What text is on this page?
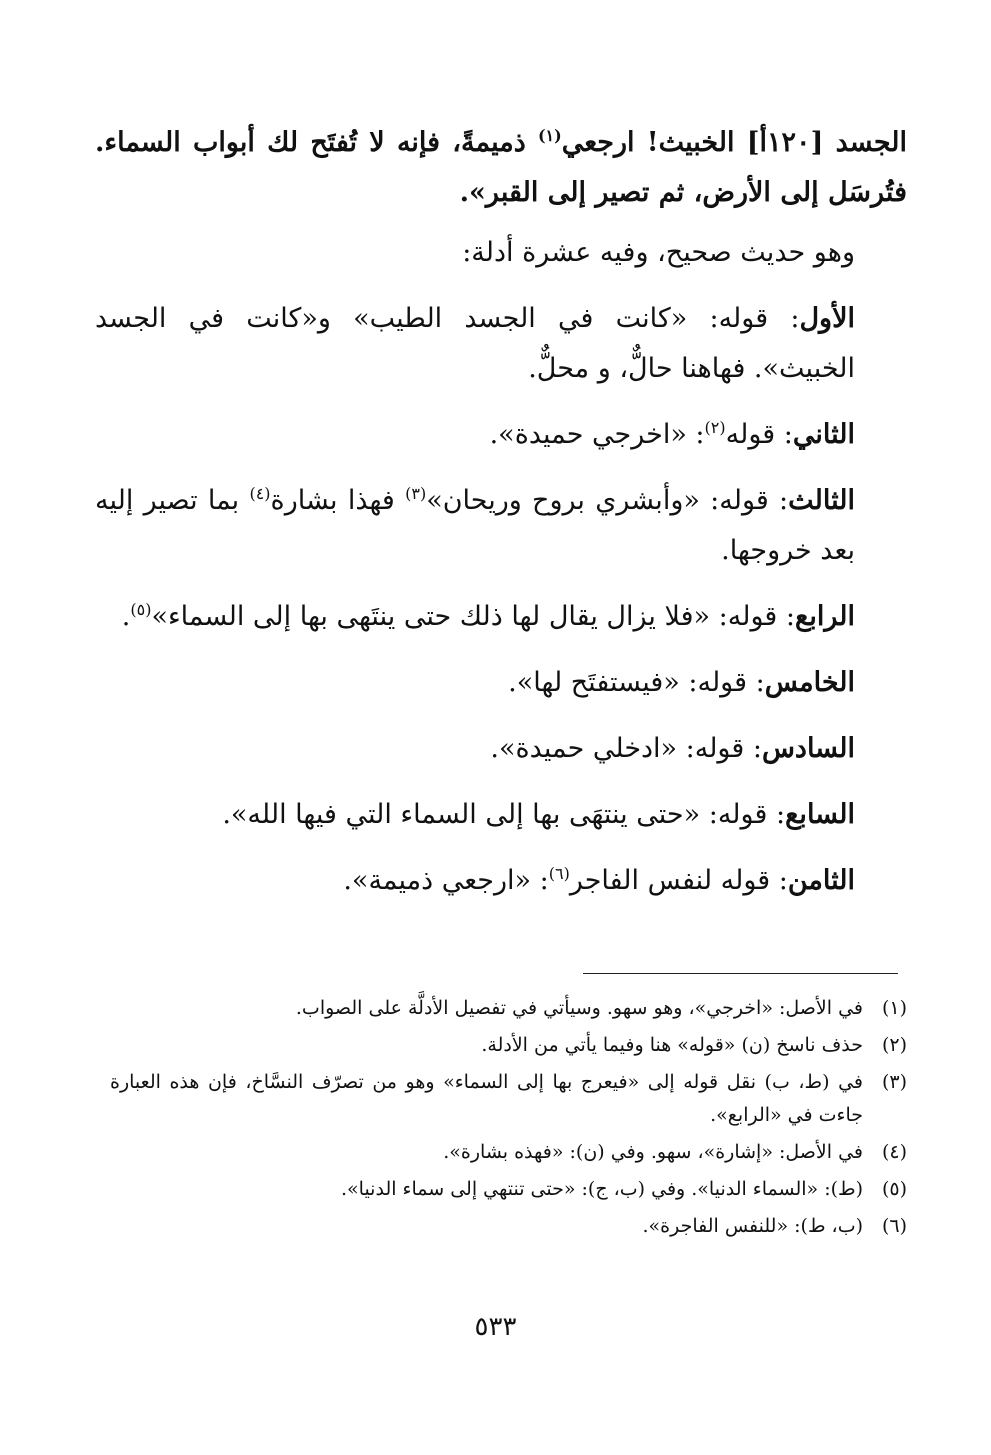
الجسد [١٢٠أ] الخبيث! ارجعي$^{(١)}$ ذميمةً، فإنه لا تُفتَح لك أبواب السماء. فتُرسَل إلى الأرض، ثم تصير إلى القبر».

وهو حديث صحيح، وفيه عشرة أدلة:

الأول: قوله: «كانت في الجسد الطيب» و«كانت في الجسد الخبيث». فهاهنا حالٌّ، و محلٌّ.

الثاني: قوله$^{(٢)}$: «اخرجي حميدة».

الثالث: قوله: «وأبشري بروح وريحان»$^{(٣)}$ فهذا بشارة$^{(٤)}$ بما تصير إليه بعد خروجها.

الرابع: قوله: «فلا يزال يقال لها ذلك حتى ينتَهى بها إلى السماء»$^{(٥)}$.

الخامس: قوله: «فيستفتَح لها».

السادس: قوله: «ادخلي حميدة».

السابع: قوله: «حتى ينتهَى بها إلى السماء التي فيها الله».

الثامن: قوله لنفس الفاجر$^{(٦)}$: «ارجعي ذميمة».

(١)
في الأصل: «اخرجي»، وهو سهو. وسيأتي في تفصيل الأدلَّة على الصواب.
(٢)
حذف ناسخ (ن) «قوله» هنا وفيما يأتي من الأدلة.
(٣)
في (ط، ب) نقل قوله إلى «فيعرج بها إلى السماء» وهو من تصرّف النسَّاخ، فإن هذه العبارة جاءت في «الرابع».
(٤)
في الأصل: «إشارة»، سهو. وفي (ن): «فهذه بشارة».
(٥)
(ط): «السماء الدنيا». وفي (ب، ج): «حتى تنتهي إلى سماء الدنيا».
(٦)
(ب، ط): «للنفس الفاجرة».
٥٣٣
